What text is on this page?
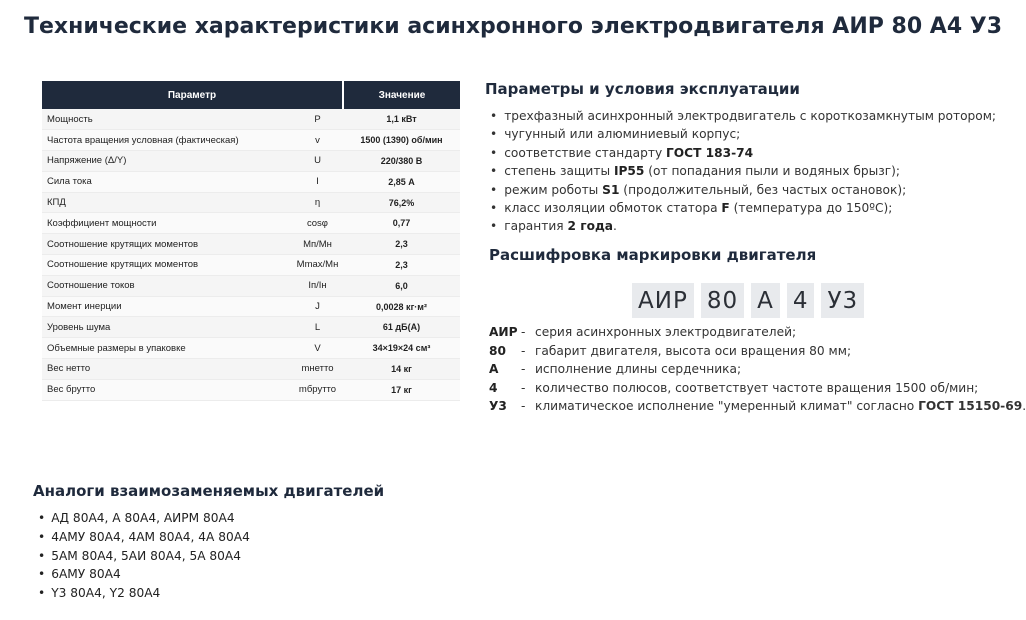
Технические характеристики асинхронного электродвигателя АИР 80 А4 У3
Параметр		Значение
Мощность	P	1,1 кВт
Частота вращения условная (фактическая)	v	1500 (1390) об/мин
Напряжение (Δ/Y)	U	220/380 В
Сила тока	I	2,85 А
КПД	η	76,2%
Коэффициент мощности	cosφ	0,77
Соотношение крутящих моментов	Mп/Mн	2,3
Соотношение крутящих моментов	Mmax/Mн	2,3
Соотношение токов	Iп/Iн	6,0
Момент инерции	J	0,0028 кг·м²
Уровень шума	L	61 дБ(А)
Объемные размеры в упаковке	V	34×19×24 см³
Вес нетто	mнетто	14 кг
Вес брутто	mбрутто	17 кг
Параметры и условия эксплуатации
• трехфазный асинхронный электродвигатель с короткозамкнутым ротором;
• чугунный или алюминиевый корпус;
• соответствие стандарту ГОСТ 183-74
• степень защиты IP55 (от попадания пыли и водяных брызг);
• режим роботы S1 (продолжительный, без частых остановок);
• класс изоляции обмоток статора F (температура до 150ºС);
• гарантия 2 года.
Расшифровка маркировки двигателя
АИР 80 А 4 У3
АИР - серия асинхронных электродвигателей;
80	- габарит двигателя, высота оси вращения 80 мм;
А	- исполнение длины сердечника;
4	- количество полюсов, соответствует частоте вращения 1500 об/мин;
У3	- климатическое исполнение "умеренный климат" согласно ГОСТ 15150-69.
Аналоги взаимозаменяемых двигателей
• АД 80А4, А 80А4, АИРМ 80А4
• 4АМУ 80А4, 4АМ 80А4, 4А 80А4
• 5АМ 80А4, 5АИ 80А4, 5А 80А4
• 6АМУ 80А4
• Y3 80А4, Y2 80А4
